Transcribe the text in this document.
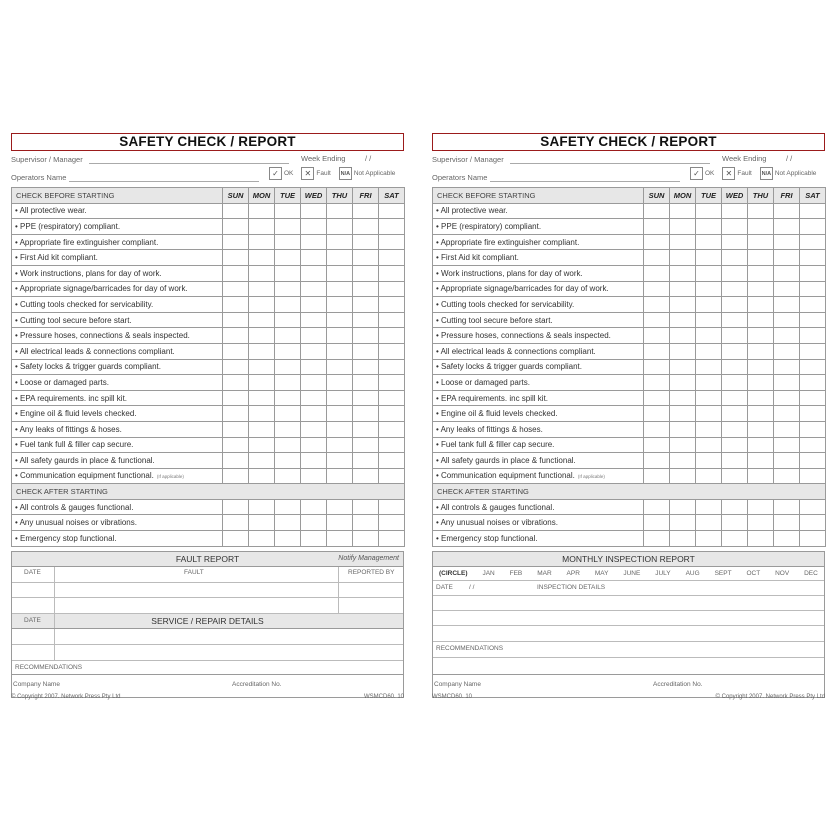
SAFETY CHECK / REPORT
Supervisor / Manager	Week Ending	/ /
Operators Name	✓ OK	✕ Fault	N/A Not Applicable
CHECK BEFORE STARTING	SUN	MON	TUE	WED	THU	FRI	SAT
• All protective wear.							
• PPE (respiratory) compliant.							
• Appropriate fire extinguisher compliant.							
• First Aid kit compliant.							
• Work instructions, plans for day of work.							
• Appropriate signage/barricades for day of work.							
• Cutting tools checked for servicability.							
• Cutting tool secure before start.							
• Pressure hoses, connections & seals inspected.							
• All electrical leads & connections compliant.							
• Safety locks & trigger guards compliant.							
• Loose or damaged parts.							
• EPA requirements. inc spill kit.							
• Engine oil & fluid levels checked.							
• Any leaks of fittings & hoses.							
• Fuel tank full & filler cap secure.							
• All safety gaurds in place & functional.							
• Communication equipment functional. (If applicable)							
CHECK AFTER STARTING							
• All controls & gauges functional.							
• Any unusual noises or vibrations.							
• Emergency stop functional.							
FAULT REPORT	Notify Management
DATE	FAULT	REPORTED BY
DATE	SERVICE / REPAIR DETAILS
RECOMMENDATIONS
Company Name	Accreditation No.
© Copyright 2007. Network Press Pty Ltd	WSMCD60. 10
SAFETY CHECK / REPORT
Supervisor / Manager	Week Ending	/ /
Operators Name	✓ OK	✕ Fault	N/A Not Applicable
CHECK BEFORE STARTING	SUN	MON	TUE	WED	THU	FRI	SAT
• All protective wear.							
• PPE (respiratory) compliant.							
• Appropriate fire extinguisher compliant.							
• First Aid kit compliant.							
• Work instructions, plans for day of work.							
• Appropriate signage/barricades for day of work.							
• Cutting tools checked for servicability.							
• Cutting tool secure before start.							
• Pressure hoses, connections & seals inspected.							
• All electrical leads & connections compliant.							
• Safety locks & trigger guards compliant.							
• Loose or damaged parts.							
• EPA requirements. inc spill kit.							
• Engine oil & fluid levels checked.							
• Any leaks of fittings & hoses.							
• Fuel tank full & filler cap secure.							
• All safety gaurds in place & functional.							
• Communication equipment functional. (If applicable)							
CHECK AFTER STARTING							
• All controls & gauges functional.							
• Any unusual noises or vibrations.							
• Emergency stop functional.							
MONTHLY INSPECTION REPORT
(CIRCLE) JAN FEB MAR APR MAY JUNE JULY AUG SEPT OCT NOV DEC
DATE / /	INSPECTION DETAILS
RECOMMENDATIONS
Company Name	Accreditation No.
WSMCD60. 10	© Copyright 2007. Network Press Pty Ltd
